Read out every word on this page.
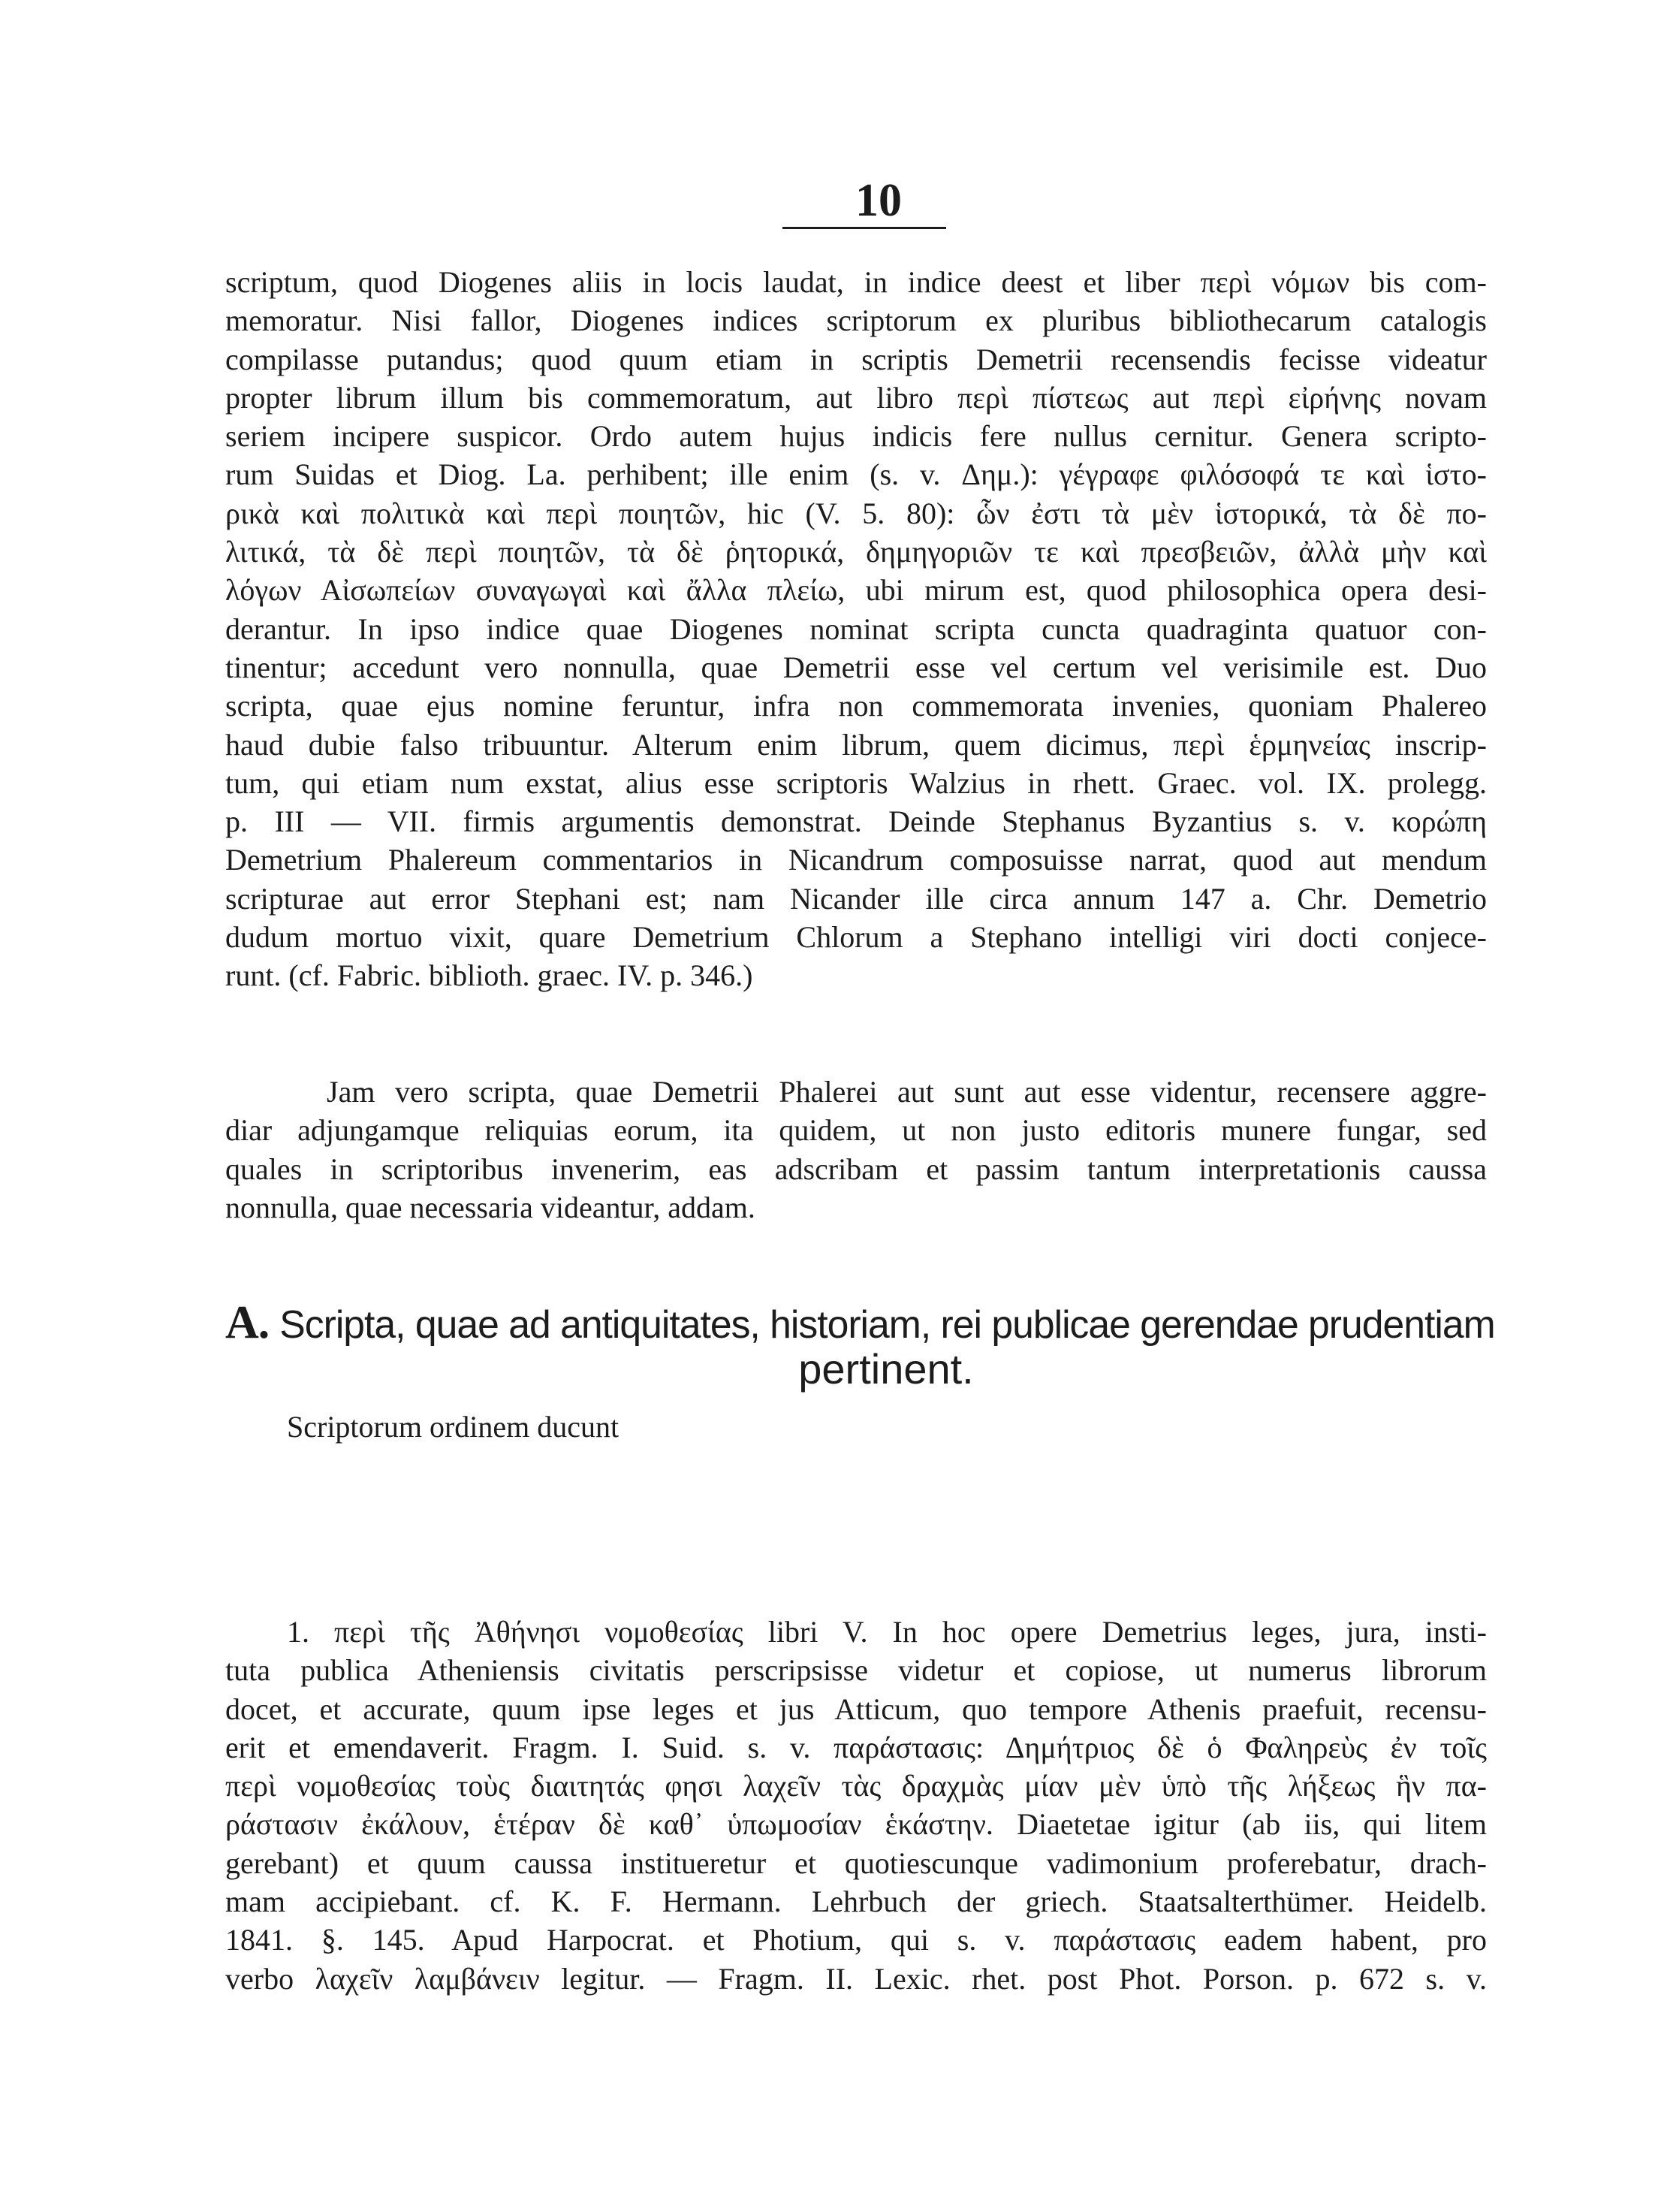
10
scriptum, quod Diogenes aliis in locis laudat, in indice deest et liber περὶ νόμων bis com-
memoratur. Nisi fallor, Diogenes indices scriptorum ex pluribus bibliothecarum catalogis
compilasse putandus; quod quum etiam in scriptis Demetrii recensendis fecisse videatur
propter librum illum bis commemoratum, aut libro περὶ πίστεως aut περὶ εἰρήνης novam
seriem incipere suspicor. Ordo autem hujus indicis fere nullus cernitur. Genera scripto-
rum Suidas et Diog. La. perhibent; ille enim (s. v. Δημ.): γέγραφε φιλόσοφά τε καὶ ἱστο-
ρικὰ καὶ πολιτικὰ καὶ περὶ ποιητῶν, hic (V. 5. 80): ὧν ἐστι τὰ μὲν ἱστορικά, τὰ δὲ πο-
λιτικά, τὰ δὲ περὶ ποιητῶν, τὰ δὲ ῥητορικά, δημηγοριῶν τε καὶ πρεσβειῶν, ἀλλὰ μὴν καὶ
λόγων Αἰσωπείων συναγωγαὶ καὶ ἄλλα πλείω, ubi mirum est, quod philosophica opera desi-
derantur. In ipso indice quae Diogenes nominat scripta cuncta quadraginta quatuor con-
tinentur; accedunt vero nonnulla, quae Demetrii esse vel certum vel verisimile est. Duo
scripta, quae ejus nomine feruntur, infra non commemorata invenies, quoniam Phalereo
haud dubie falso tribuuntur. Alterum enim librum, quem dicimus, περὶ ἑρμηνείας inscrip-
tum, qui etiam num exstat, alius esse scriptoris Walzius in rhett. Graec. vol. IX. prolegg.
p. III — VII. firmis argumentis demonstrat. Deinde Stephanus Byzantius s. v. κορώπη
Demetrium Phalereum commentarios in Nicandrum composuisse narrat, quod aut mendum
scripturae aut error Stephani est; nam Nicander ille circa annum 147 a. Chr. Demetrio
dudum mortuo vixit, quare Demetrium Chlorum a Stephano intelligi viri docti conjece-
runt. (cf. Fabric. biblioth. graec. IV. p. 346.)
Jam vero scripta, quae Demetrii Phalerei aut sunt aut esse videntur, recensere aggre-
diar adjungamque reliquias eorum, ita quidem, ut non justo editoris munere fungar, sed
quales in scriptoribus invenerim, eas adscribam et passim tantum interpretationis caussa
nonnulla, quae necessaria videantur, addam.
A. Scripta, quae ad antiquitates, historiam, rei publicae gerendae prudentiam
pertinent.
Scriptorum ordinem ducunt
1. περὶ τῆς Ἀθήνησι νομοθεσίας libri V. In hoc opere Demetrius leges, jura, insti-
tuta publica Atheniensis civitatis perscripsisse videtur et copiose, ut numerus librorum
docet, et accurate, quum ipse leges et jus Atticum, quo tempore Athenis praefuit, recensu-
erit et emendaverit. Fragm. I. Suid. s. v. παράστασις: Δημήτριος δὲ ὁ Φαληρεὺς ἐν τοῖς
περὶ νομοθεσίας τοὺς διαιτητάς φησι λαχεῖν τὰς δραχμὰς μίαν μὲν ὑπὸ τῆς λήξεως ἣν πα-
ράστασιν ἐκάλουν, ἑτέραν δὲ καθ᾽ ὑπωμοσίαν ἑκάστην. Diaetetae igitur (ab iis, qui litem
gerebant) et quum caussa institueretur et quotiescunque vadimonium proferebatur, drach-
mam accipiebant. cf. K. F. Hermann. Lehrbuch der griech. Staatsalterthümer. Heidelb.
1841. §. 145. Apud Harpocrat. et Photium, qui s. v. παράστασις eadem habent, pro
verbo λαχεῖν λαμβάνειν legitur. — Fragm. II. Lexic. rhet. post Phot. Porson. p. 672 s. v.
